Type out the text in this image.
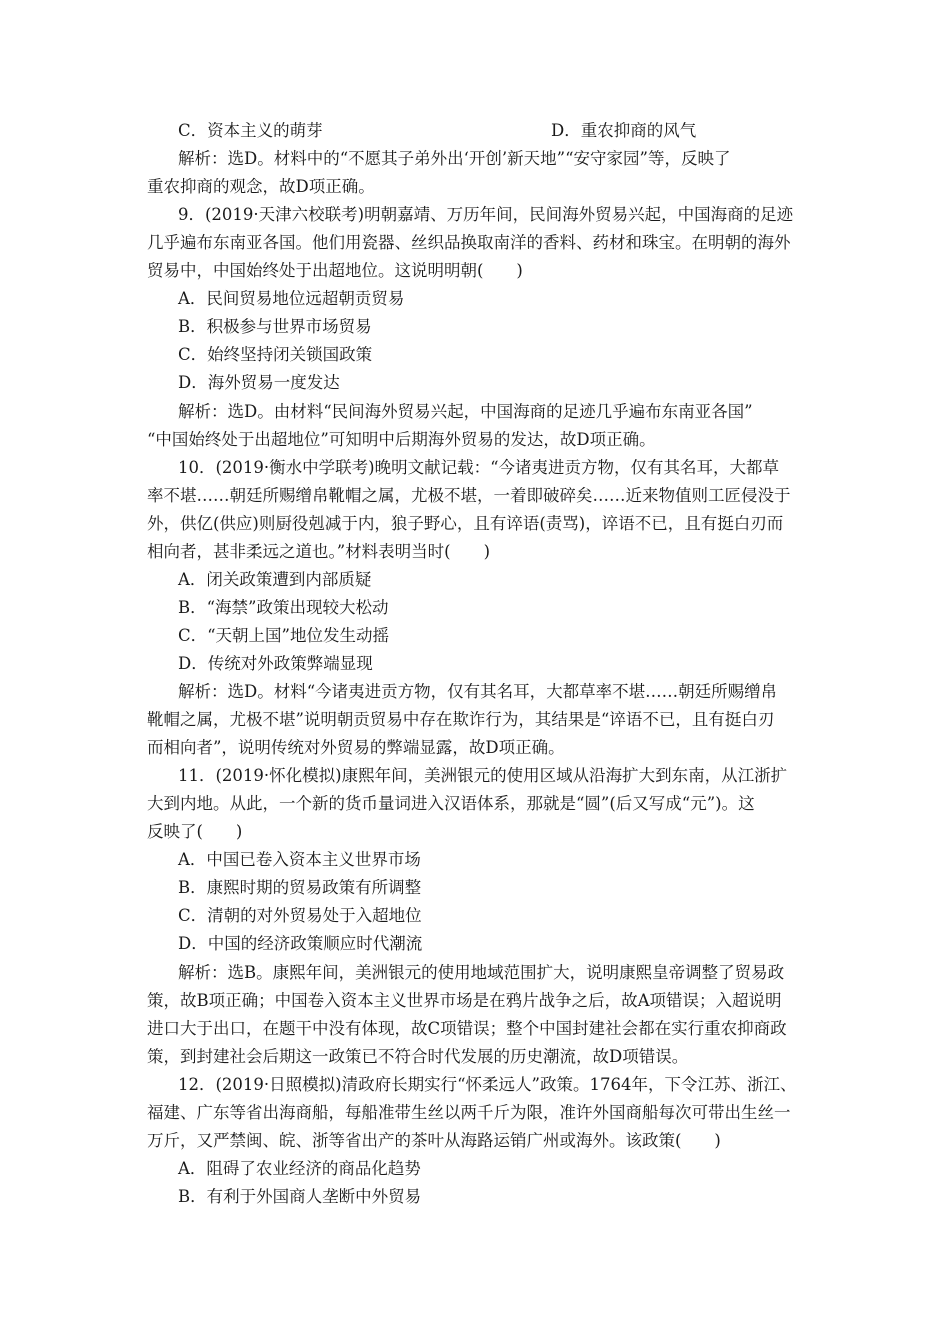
C．资本主义的萌芽	D．重农抑商的风气
解析：选D。材料中的“不愿其子弟外出‘开创’新天地”“安守家园”等，反映了
重农抑商的观念，故D项正确。
9．(2019·天津六校联考)明朝嘉靖、万历年间，民间海外贸易兴起，中国海商的足迹
几乎遍布东南亚各国。他们用瓷器、丝织品换取南洋的香料、药材和珠宝。在明朝的海外
贸易中，中国始终处于出超地位。这说明明朝(　　)
A．民间贸易地位远超朝贡贸易
B．积极参与世界市场贸易
C．始终坚持闭关锁国政策
D．海外贸易一度发达
解析：选D。由材料“民间海外贸易兴起，中国海商的足迹几乎遍布东南亚各国”
“中国始终处于出超地位”可知明中后期海外贸易的发达，故D项正确。
10．(2019·衡水中学联考)晚明文献记载：“今诸夷进贡方物，仅有其名耳，大都草
率不堪……朝廷所赐缯帛靴帽之属，尤极不堪，一着即破碎矣……近来物值则工匠侵没于
外，供亿(供应)则厨役剋减于内，狼子野心，且有谇语(责骂)，谇语不已，且有挺白刃而
相向者，甚非柔远之道也。”材料表明当时(　　)
A．闭关政策遭到内部质疑
B．“海禁”政策出现较大松动
C．“天朝上国”地位发生动摇
D．传统对外政策弊端显现
解析：选D。材料“今诸夷进贡方物，仅有其名耳，大都草率不堪……朝廷所赐缯帛
靴帽之属，尤极不堪”说明朝贡贸易中存在欺诈行为，其结果是“谇语不已，且有挺白刃
而相向者”，说明传统对外贸易的弊端显露，故D项正确。
11．(2019·怀化模拟)康熙年间，美洲银元的使用区域从沿海扩大到东南，从江浙扩
大到内地。从此，一个新的货币量词进入汉语体系，那就是“圆”(后又写成“元”)。这
反映了(　　)
A．中国已卷入资本主义世界市场
B．康熙时期的贸易政策有所调整
C．清朝的对外贸易处于入超地位
D．中国的经济政策顺应时代潮流
解析：选B。康熙年间，美洲银元的使用地域范围扩大，说明康熙皇帝调整了贸易政
策，故B项正确；中国卷入资本主义世界市场是在鸦片战争之后，故A项错误；入超说明
进口大于出口，在题干中没有体现，故C项错误；整个中国封建社会都在实行重农抑商政
策，到封建社会后期这一政策已不符合时代发展的历史潮流，故D项错误。
12．(2019·日照模拟)清政府长期实行“怀柔远人”政策。1764年，下令江苏、浙江、
福建、广东等省出海商船，每船准带生丝以两千斤为限，准许外国商船每次可带出生丝一
万斤，又严禁闽、皖、浙等省出产的茶叶从海路运销广州或海外。该政策(　　)
A．阻碍了农业经济的商品化趋势
B．有利于外国商人垄断中外贸易
